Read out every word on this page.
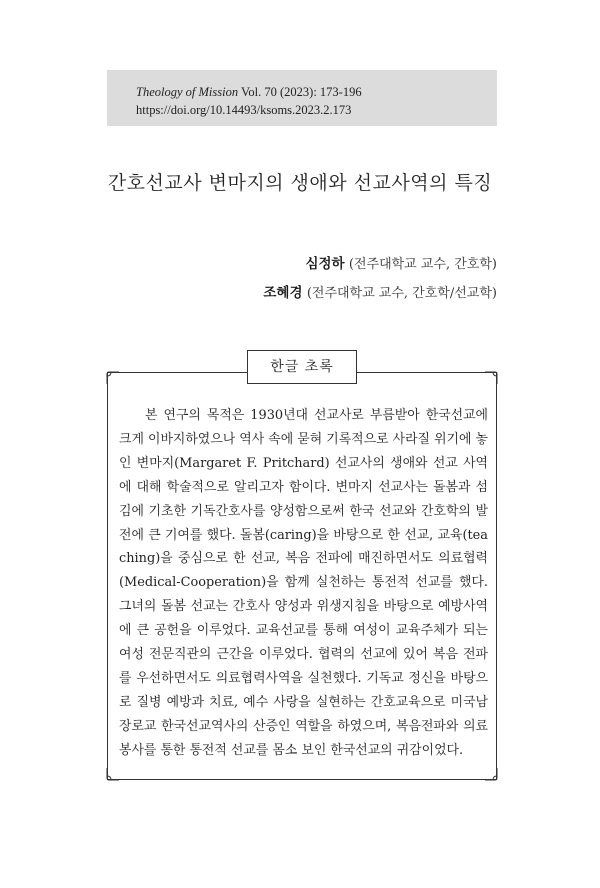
Theology of Mission Vol. 70 (2023): 173-196
https://doi.org/10.14493/ksoms.2023.2.173
간호선교사 변마지의 생애와 선교사역의 특징
심정하 (전주대학교 교수, 간호학)
조혜경 (전주대학교 교수, 간호학/선교학)
한글 초록

본 연구의 목적은 1930년대 선교사로 부름받아 한국선교에 크게 이바지하였으나 역사 속에 묻혀 기록적으로 사라질 위기에 놓인 변마지(Margaret F. Pritchard) 선교사의 생애와 선교 사역에 대해 학술적으로 알리고자 함이다. 변마지 선교사는 돌봄과 섬김에 기초한 기독간호사를 양성함으로써 한국 선교와 간호학의 발전에 큰 기여를 했다. 돌봄(caring)을 바탕으로 한 선교, 교육(teaching)을 중심으로 한 선교, 복음 전파에 매진하면서도 의료협력(Medical-Cooperation)을 함께 실천하는 통전적 선교를 했다. 그녀의 돌봄 선교는 간호사 양성과 위생지침을 바탕으로 예방사역에 큰 공헌을 이루었다. 교육선교를 통해 여성이 교육주체가 되는 여성 전문직관의 근간을 이루었다. 협력의 선교에 있어 복음 전파를 우선하면서도 의료협력사역을 실천했다. 기독교 정신을 바탕으로 질병 예방과 치료, 예수 사랑을 실현하는 간호교육으로 미국남장로교 한국선교역사의 산증인 역할을 하였으며, 복음전파와 의료봉사를 통한 통전적 선교를 몸소 보인 한국선교의 귀감이었다.
